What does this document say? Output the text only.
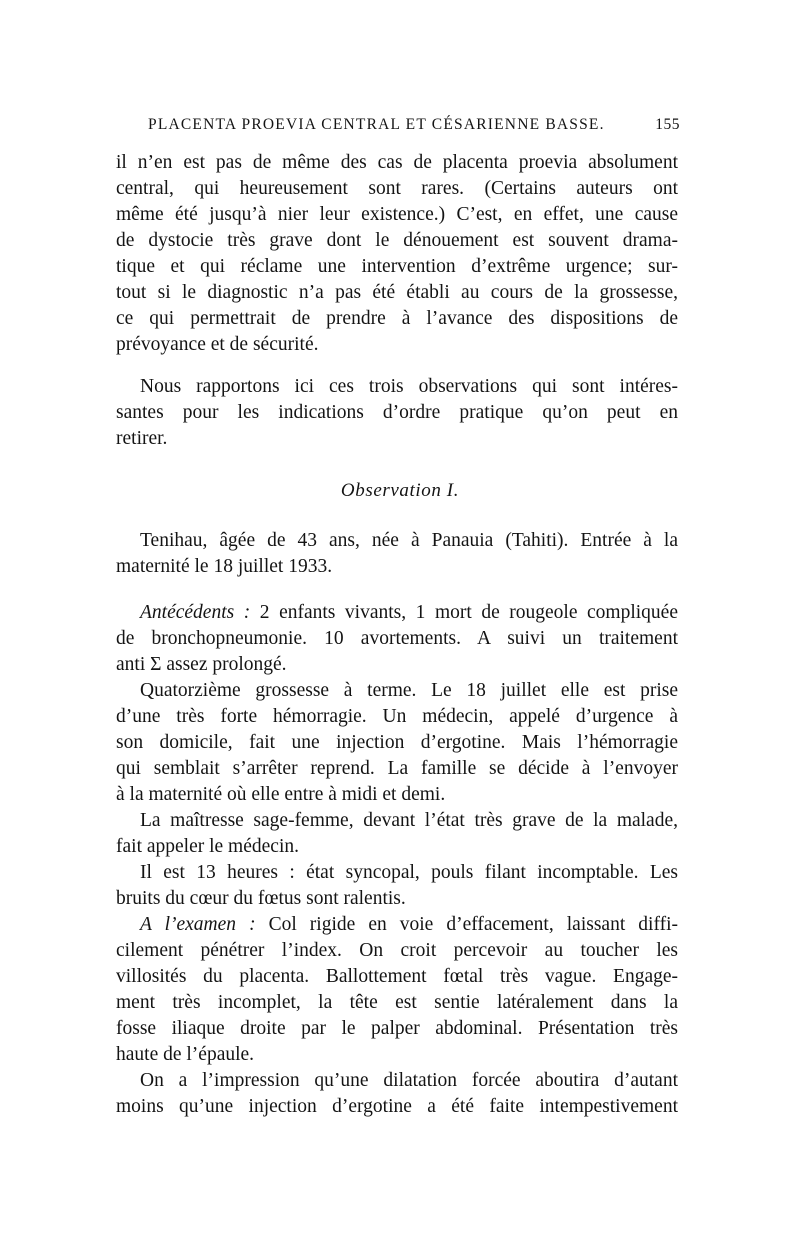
PLACENTA PROEVIA CENTRAL ET CÉSARIENNE BASSE.	155
il n’en est pas de même des cas de placenta proevia absolument
central, qui heureusement sont rares. (Certains auteurs ont
même été jusqu’à nier leur existence.) C’est, en effet, une cause
de dystocie très grave dont le dénouement est souvent drama-
tique et qui réclame une intervention d’extrême urgence; sur-
tout si le diagnostic n’a pas été établi au cours de la grossesse,
ce qui permettrait de prendre à l’avance des dispositions de
prévoyance et de sécurité.
Nous rapportons ici ces trois observations qui sont intéres-
santes pour les indications d’ordre pratique qu’on peut en
retirer.
Observation I.
Tenihau, âgée de 43 ans, née à Panauia (Tahiti). Entrée à la
maternité le 18 juillet 1933.
Antécédents : 2 enfants vivants, 1 mort de rougeole compliquée
de bronchopneumonie. 10 avortements. A suivi un traitement
anti Σ assez prolongé.
Quatorzième grossesse à terme. Le 18 juillet elle est prise
d’une très forte hémorragie. Un médecin, appelé d’urgence à
son domicile, fait une injection d’ergotine. Mais l’hémorragie
qui semblait s’arrêter reprend. La famille se décide à l’envoyer
à la maternité où elle entre à midi et demi.
La maîtresse sage-femme, devant l’état très grave de la malade,
fait appeler le médecin.
Il est 13 heures : état syncopal, pouls filant incomptable. Les
bruits du cœur du fœtus sont ralentis.
A l’examen : Col rigide en voie d’effacement, laissant diffi-
cilement pénétrer l’index. On croit percevoir au toucher les
villosités du placenta. Ballottement fœtal très vague. Engage-
ment très incomplet, la tête est sentie latéralement dans la
fosse iliaque droite par le palper abdominal. Présentation très
haute de l’épaule.
On a l’impression qu’une dilatation forcée aboutira d’autant
moins qu’une injection d’ergotine a été faite intempestivement
